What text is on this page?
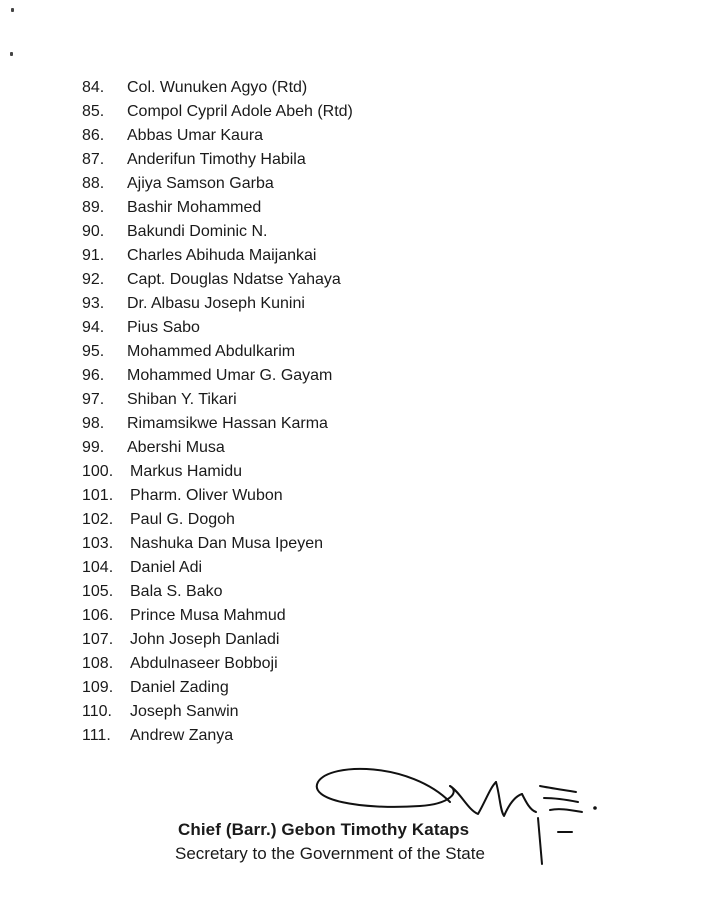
84.	Col. Wunuken Agyo (Rtd)
85.	Compol Cypril Adole Abeh (Rtd)
86.	Abbas Umar Kaura
87.	Anderifun Timothy Habila
88.	Ajiya Samson Garba
89.	Bashir Mohammed
90.	Bakundi Dominic N.
91.	Charles Abihuda Maijankai
92.	Capt. Douglas Ndatse Yahaya
93.	Dr. Albasu Joseph Kunini
94.	Pius Sabo
95.	Mohammed Abdulkarim
96.	Mohammed Umar G. Gayam
97.	Shiban Y. Tikari
98.	Rimamsikwe Hassan Karma
99.	Abershi Musa
100.	Markus Hamidu
101.	Pharm. Oliver Wubon
102.	Paul G. Dogoh
103.	Nashuka Dan Musa Ipeyen
104.	Daniel Adi
105.	Bala S. Bako
106.	Prince Musa Mahmud
107.	John Joseph Danladi
108.	Abdulnaseer Bobboji
109.	Daniel Zading
110.	Joseph Sanwin
111.	Andrew Zanya
Chief (Barr.) Gebon Timothy Kataps
Secretary to the Government of the State
